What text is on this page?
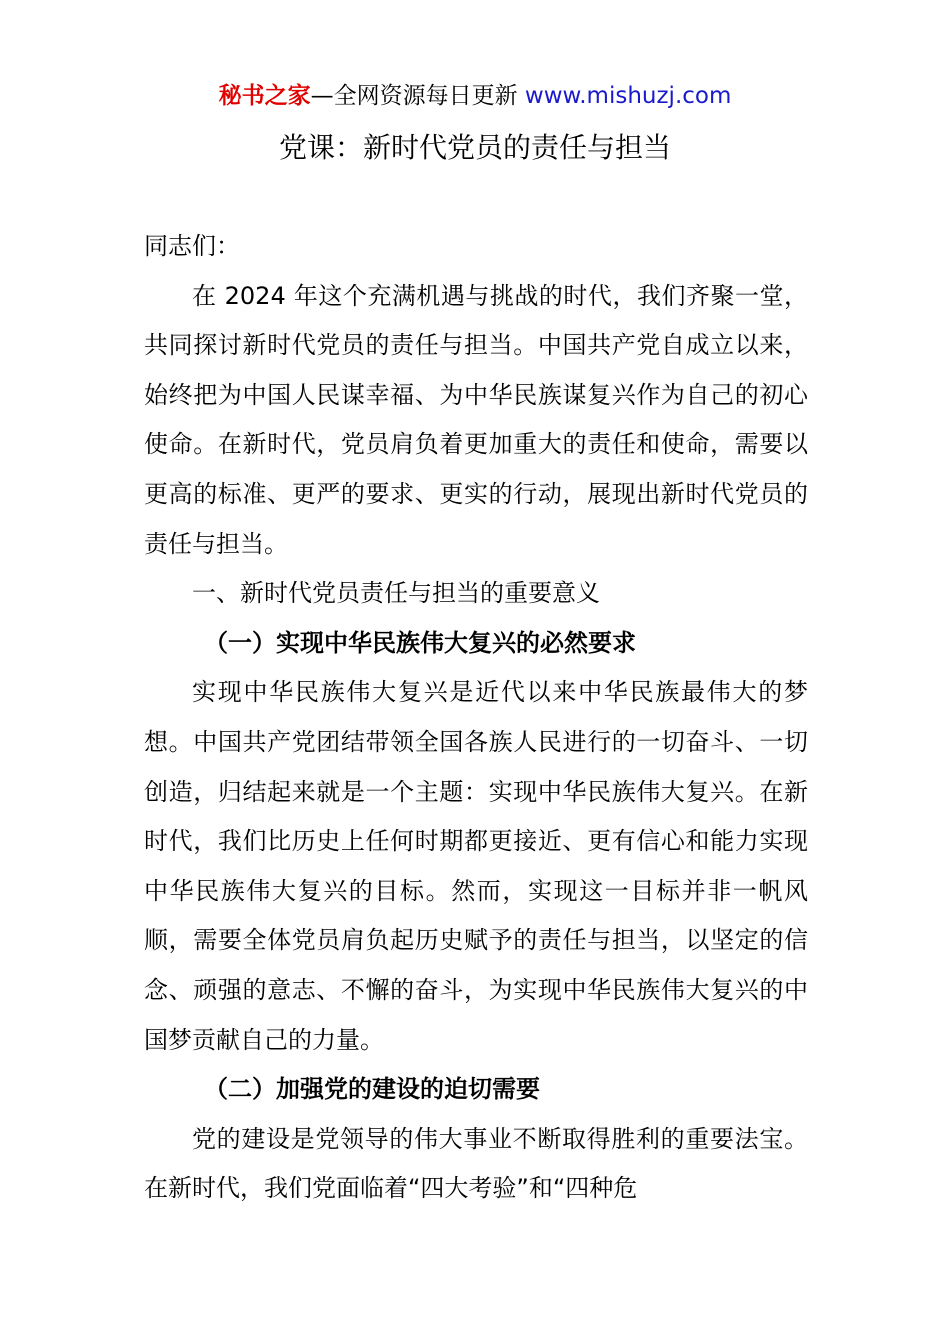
秘书之家—全网资源每日更新 www.mishuzj.com
党课：新时代党员的责任与担当

同志们：

在 2024 年这个充满机遇与挑战的时代，我们齐聚一堂，共同探讨新时代党员的责任与担当。中国共产党自成立以来，始终把为中国人民谋幸福、为中华民族谋复兴作为自己的初心使命。在新时代，党员肩负着更加重大的责任和使命，需要以更高的标准、更严的要求、更实的行动，展现出新时代党员的责任与担当。

一、新时代党员责任与担当的重要意义

（一）实现中华民族伟大复兴的必然要求

实现中华民族伟大复兴是近代以来中华民族最伟大的梦想。中国共产党团结带领全国各族人民进行的一切奋斗、一切创造，归结起来就是一个主题：实现中华民族伟大复兴。在新时代，我们比历史上任何时期都更接近、更有信心和能力实现中华民族伟大复兴的目标。然而，实现这一目标并非一帆风顺，需要全体党员肩负起历史赋予的责任与担当，以坚定的信念、顽强的意志、不懈的奋斗，为实现中华民族伟大复兴的中国梦贡献自己的力量。

（二）加强党的建设的迫切需要

党的建设是党领导的伟大事业不断取得胜利的重要法宝。在新时代，我们党面临着“四大考验”和“四种危
